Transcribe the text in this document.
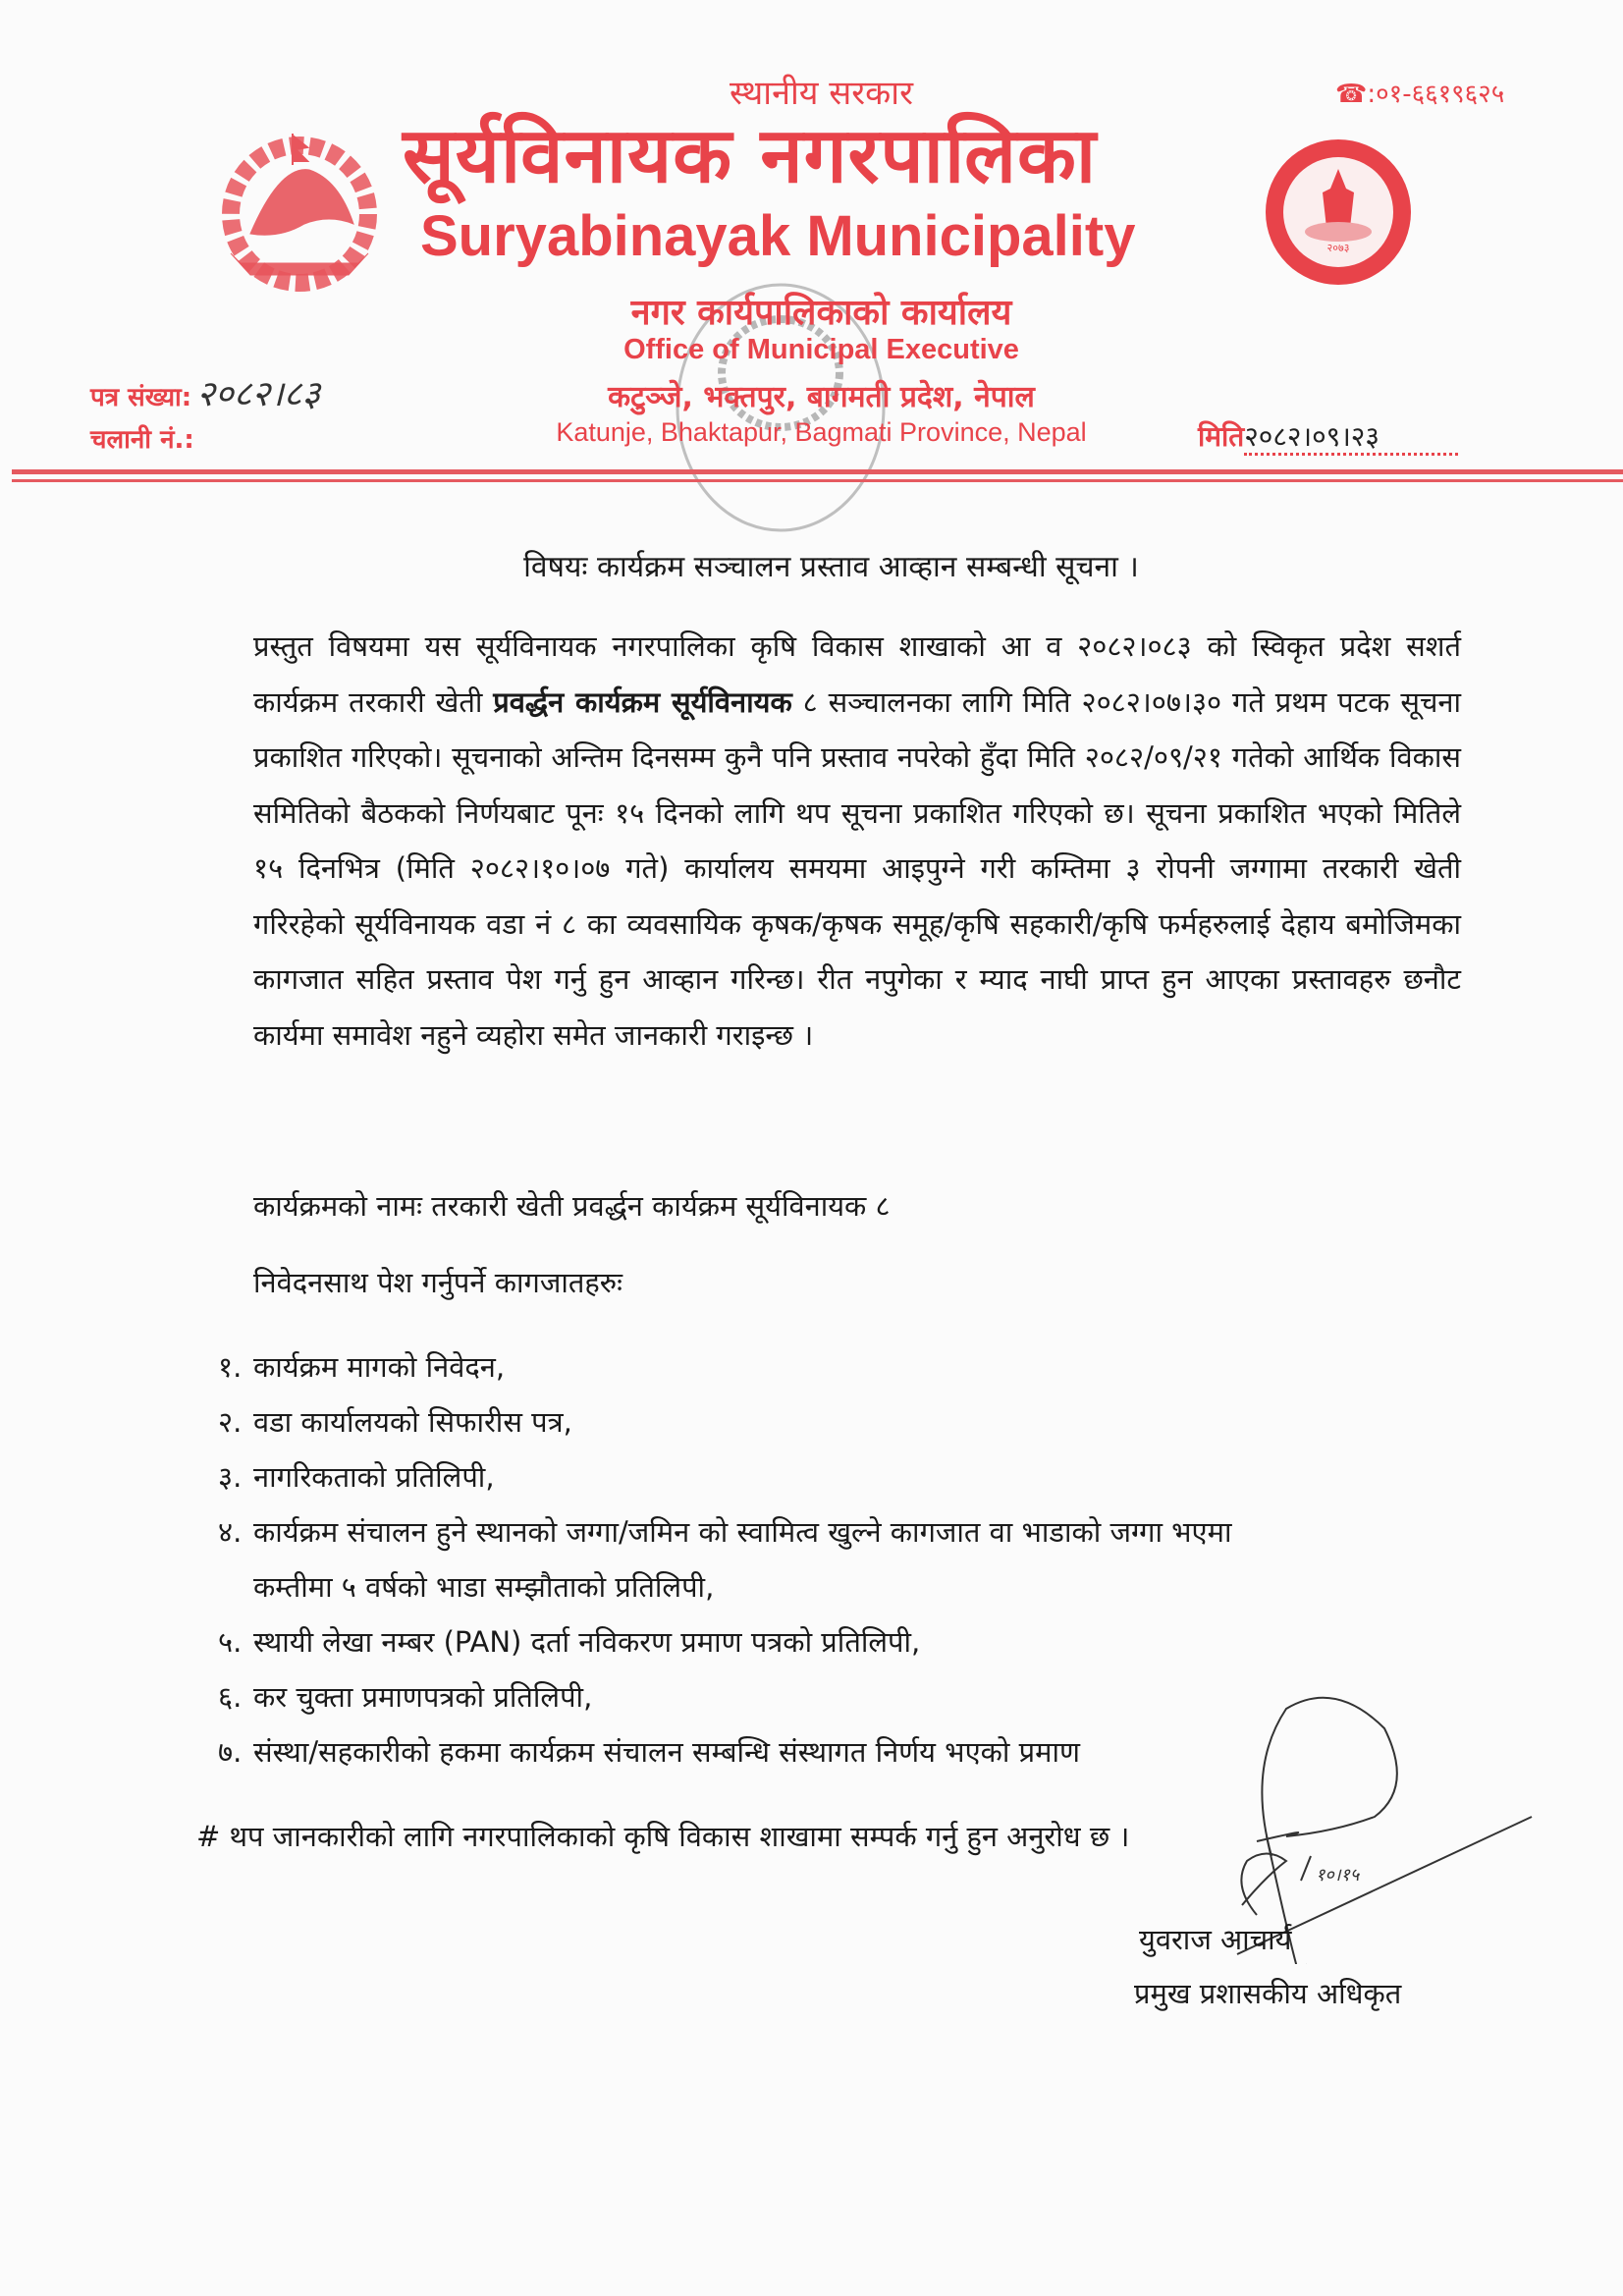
२०७३
स्थानीय सरकार	☎:०१-६६१९६२५
सूर्यविनायक नगरपालिका
Suryabinayak Municipality
नगर कार्यपालिकाको कार्यालय
Office of Municipal Executive
कटुञ्जे, भक्तपुर, बागमती प्रदेश, नेपाल
Katunje, Bhaktapur, Bagmati Province, Nepal
पत्र संख्या: २०८२।८३
चलानी नं.:	मिति२०८२।०९।२३
विषयः कार्यक्रम सञ्चालन प्रस्ताव आव्हान सम्बन्धी सूचना ।
प्रस्तुत विषयमा यस सूर्यविनायक नगरपालिका कृषि विकास शाखाको आ व २०८२।०८३ को स्विकृत प्रदेश सशर्त कार्यक्रम तरकारी खेती प्रवर्द्धन कार्यक्रम सूर्यविनायक ८ सञ्चालनका लागि मिति २०८२।०७।३० गते प्रथम पटक सूचना प्रकाशित गरिएको। सूचनाको अन्तिम दिनसम्म कुनै पनि प्रस्ताव नपरेको हुँदा मिति २०८२/०९/२१ गतेको आर्थिक विकास समितिको बैठकको निर्णयबाट पूनः १५ दिनको लागि थप सूचना प्रकाशित गरिएको छ। सूचना प्रकाशित भएको मितिले १५ दिनभित्र (मिति २०८२।१०।०७ गते) कार्यालय समयमा आइपुग्ने गरी कम्तिमा ३ रोपनी जग्गामा तरकारी खेती गरिरहेको सूर्यविनायक वडा नं ८ का व्यवसायिक कृषक/कृषक समूह/कृषि सहकारी/कृषि फर्महरुलाई देहाय बमोजिमका कागजात सहित प्रस्ताव पेश गर्नु हुन आव्हान गरिन्छ। रीत नपुगेका र म्याद नाघी प्राप्त हुन आएका प्रस्तावहरु छनौट कार्यमा समावेश नहुने व्यहोरा समेत जानकारी गराइन्छ ।
कार्यक्रमको नामः तरकारी खेती प्रवर्द्धन कार्यक्रम सूर्यविनायक ८
निवेदनसाथ पेश गर्नुपर्ने कागजातहरुः
१. कार्यक्रम मागको निवेदन,
२. वडा कार्यालयको सिफारीस पत्र,
३. नागरिकताको प्रतिलिपी,
४. कार्यक्रम संचालन हुने स्थानको जग्गा/जमिन को स्वामित्व खुल्ने कागजात वा भाडाको जग्गा भएमा
कम्तीमा ५ वर्षको भाडा सम्झौताको प्रतिलिपी,
५. स्थायी लेखा नम्बर (PAN) दर्ता नविकरण प्रमाण पत्रको प्रतिलिपी,
६. कर चुक्ता प्रमाणपत्रको प्रतिलिपी,
७. संस्था/सहकारीको हकमा कार्यक्रम संचालन सम्बन्धि संस्थागत निर्णय भएको प्रमाण
# थप जानकारीको लागि नगरपालिकाको कृषि विकास शाखामा सम्पर्क गर्नु हुन अनुरोध छ ।
१०।१५
युवराज आचार्य
प्रमुख प्रशासकीय अधिकृत
